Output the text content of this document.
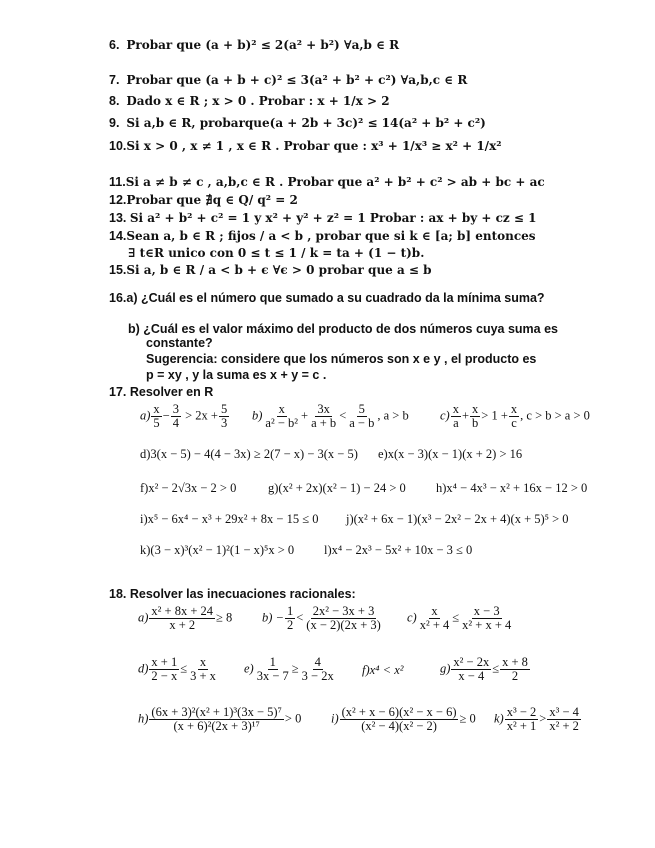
6. Probar que (a + b)² ≤ 2(a² + b²) ∀a,b ∈ R
7. Probar que (a + b + c)² ≤ 3(a² + b² + c²) ∀a,b,c ∈ R
8. Dado x ∈ R ; x > 0 . Probar : x + 1/x > 2
9. Si a,b ∈ R, probarque(a + 2b + 3c)² ≤ 14(a² + b² + c²)
10.Si x > 0 , x ≠ 1 , x ∈ R . Probar que : x³ + 1/x³ ≥ x² + 1/x²
11.Si a ≠ b ≠ c , a,b,c ∈ R . Probar que a² + b² + c² > ab + bc + ac
12.Probar que ∄q ∈ Q/ q² = 2
13. Si a² + b² + c² = 1 y x² + y² + z² = 1 Probar : ax + by + cz ≤ 1
14.Sean a, b ∈ R ; fijos / a < b , probar que si k ∈ [a; b] entonces
∃ t∈R unico con 0 ≤ t ≤ 1 / k = ta + (1 − t)b.
15.Si a, b ∈ R / a < b + ϵ ∀ϵ > 0 probar que a ≤ b
16.a) ¿Cuál es el número que sumado a su cuadrado da la mínima suma?
b) ¿Cuál es el valor máximo del producto de dos números cuya suma es
constante?
Sugerencia: considere que los números son x e y , el producto es
p = xy , y la suma es x + y = c .
17. Resolver en R
$a) \frac{x}{5} - \frac{3}{4} > 2x + \frac{5}{3} b) \frac{x}{\text{a² − b²}} + \frac{3x}{a + b} < \frac{5}{a - b}$ , a > b	$c) \frac{x}{a} + \frac{x}{b} > 1 + \frac{x}{c}$ , c > b > a > 0
d)3(x − 5) − 4(4 − 3x) ≥ 2(7 − x) − 3(x − 5) e)x(x − 3)(x − 1)(x + 2) > 16
f)x² − 2√3x − 2 > 0	g)(x² + 2x)(x² − 1) − 24 > 0 h)x⁴ − 4x³ − x² + 16x − 12 > 0
i)x⁵ − 6x⁴ − x³ + 29x² + 8x − 15 ≤ 0 j)(x² + 6x − 1)(x³ − 2x² − 2x + 4)(x + 5)⁵ > 0
k)(3 − x)³(x² − 1)²(1 − x)⁵x > 0 l)x⁴ − 2x³ − 5x² + 10x − 3 ≤ 0
18. Resolver las inecuaciones racionales:
$a) \frac{\text{x² + 8x + 24}}{x + 2} \ge 8$ $b) - \frac{1}{2} < \frac{\text{2x² − 3x + 3}}{(x - 2)(2x + 3)} c) \frac{x}{\text{x² + 4}} \le \frac{x - 3}{\text{x² + x + 4}}$
$d) \frac{x + 1}{2 - x} \le \frac{x}{3 + x} e) \frac{1}{3x - 7} \ge \frac{4}{3 - 2x} f)x^4 < x^2$	$g) \frac{\text{x² − 2x}}{x - 4} \le \frac{x + 8}{2}$
$h) \frac{\text{(6x + 3)²(x² + 1)³(3x − 5)⁷}}{\text{(x + 6)²(2x + 3)¹⁷}} > 0$ $i) \frac{\text{(x² + x − 6)(x² − x − 6)}}{\text{(x² − 4)(x² − 2)}} \ge 0$ $k) \frac{\text{x³ − 2}}{\text{x² + 1}} > \frac{\text{x³ − 4}}{\text{x² + 2}}$
